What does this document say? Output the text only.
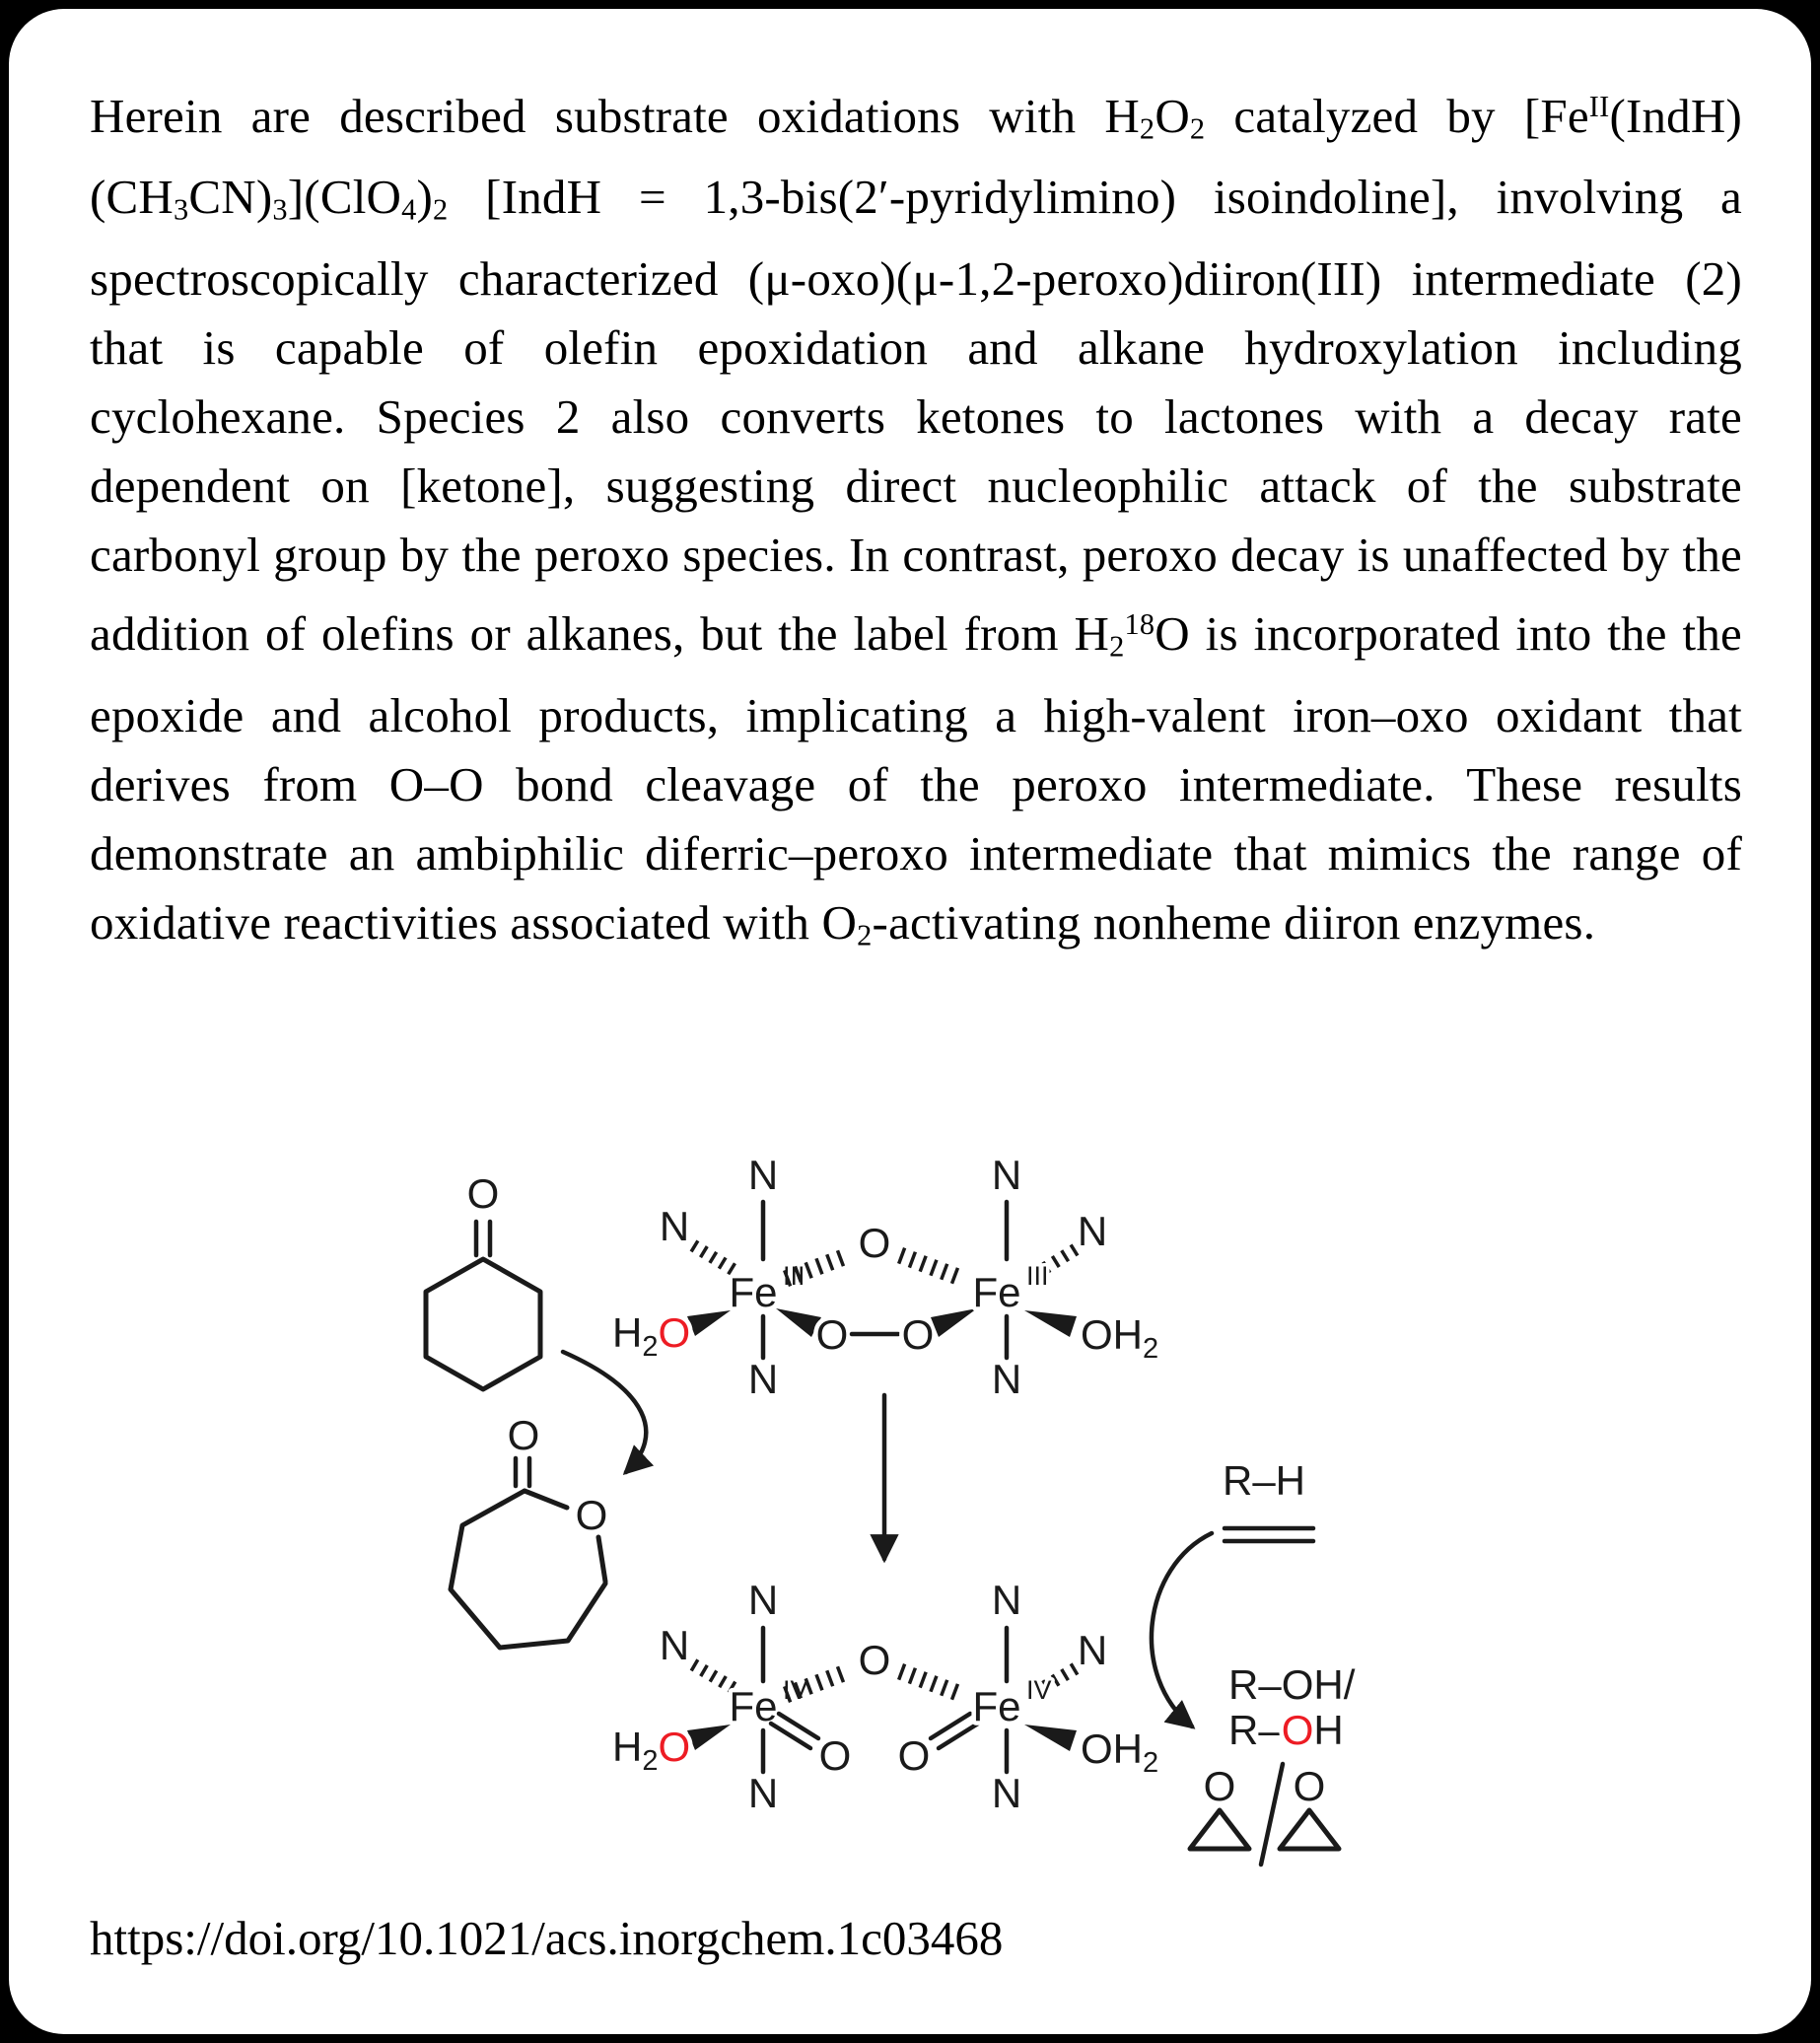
Herein are described substrate oxidations with H2O2 catalyzed by $[Fe^{II}(IndH)(CH3CN)3](ClO4)2$ [IndH = 1,3-bis(2′-pyridylimino) isoindoline], involving a spectroscopically characterized (μ-oxo)(μ-1,2-peroxo)diiron(III) intermediate (2) that is capable of olefin epoxidation and alkane hydroxylation including cyclohexane. Species 2 also converts ketones to lactones with a decay rate dependent on [ketone], suggesting direct nucleophilic attack of the substrate carbonyl group by the peroxo species. In contrast, peroxo decay is unaffected by the addition of olefins or alkanes, but the label from $H2^{18}O$ is incorporated into the the epoxide and alcohol products, implicating a high-valent iron–oxo oxidant that derives from O–O bond cleavage of the peroxo intermediate. These results demonstrate an ambiphilic diferric–peroxo intermediate that mimics the range of oxidative reactivities associated with O2-activating nonheme diiron enzymes.
O
O
O
N
N
Fe III
$H_2O$
N
O
O O
N
N
Fe III
$OH_2$
N
N
N
Fe IV
$H_2O$
N
O
O
O
N
N
Fe IV
$OH_2$
N
R–H
R–OH/
R–OH
O O
https://doi.org/10.1021/acs.inorgchem.1c03468
